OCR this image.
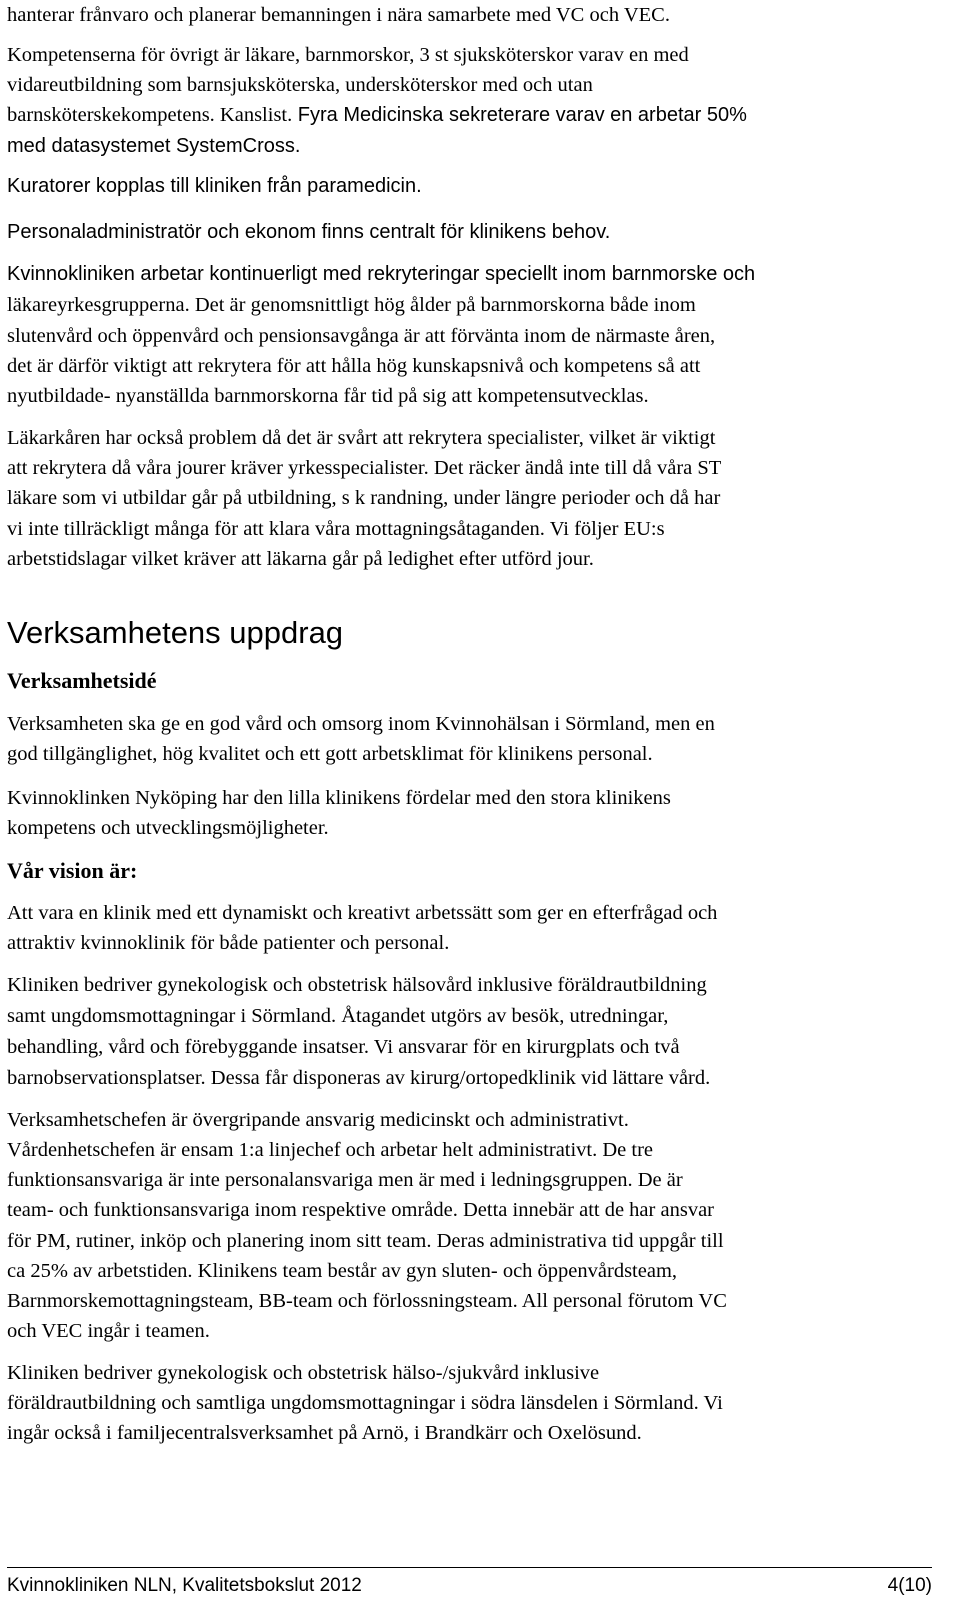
hanterar frånvaro och planerar bemanningen i nära samarbete med VC och VEC.

Kompetenserna för övrigt är läkare, barnmorskor, 3 st sjuksköterskor varav en med

vidareutbildning som barnsjuksköterska, undersköterskor med och utan

barnsköterskekompetens. Kanslist. Fyra Medicinska sekreterare varav en arbetar 50%

med datasystemet SystemCross.

Kuratorer kopplas till kliniken från paramedicin.

Personaladministratör och ekonom finns centralt för klinikens behov.

Kvinnokliniken arbetar kontinuerligt med rekryteringar speciellt inom barnmorske och

läkareyrkesgrupperna. Det är genomsnittligt hög ålder på barnmorskorna både inom

slutenvård och öppenvård och pensionsavgånga är att förvänta inom de närmaste åren,

det är därför viktigt att rekrytera för att hålla hög kunskapsnivå och kompetens så att

nyutbildade- nyanställda barnmorskorna får tid på sig att kompetensutvecklas.

Läkarkåren har också problem då det är svårt att rekrytera specialister, vilket är viktigt

att rekrytera då våra jourer kräver yrkesspecialister. Det räcker ändå inte till då våra ST

läkare som vi utbildar går på utbildning, s k randning, under längre perioder och då har

vi inte tillräckligt många för att klara våra mottagningsåtaganden. Vi följer EU:s

arbetstidslagar vilket kräver att läkarna går på ledighet efter utförd jour.

Verksamhetens uppdrag

Verksamhetsidé

Verksamheten ska ge en god vård och omsorg inom Kvinnohälsan i Sörmland, men en

god tillgänglighet, hög kvalitet och ett gott arbetsklimat för klinikens personal.

Kvinnoklinken Nyköping har den lilla klinikens fördelar med den stora klinikens

kompetens och utvecklingsmöjligheter.

Vår vision är:

Att vara en klinik med ett dynamiskt och kreativt arbetssätt som ger en efterfrågad och

attraktiv kvinnoklinik för både patienter och personal.

Kliniken bedriver gynekologisk och obstetrisk hälsovård inklusive föräldrautbildning

samt ungdomsmottagningar i Sörmland. Åtagandet utgörs av besök, utredningar,

behandling, vård och förebyggande insatser. Vi ansvarar för en kirurgplats och två

barnobservationsplatser. Dessa får disponeras av kirurg/ortopedklinik vid lättare vård.

Verksamhetschefen är övergripande ansvarig medicinskt och administrativt.

Vårdenhetschefen är ensam 1:a linjechef och arbetar helt administrativt. De tre

funktionsansvariga är inte personalansvariga men är med i ledningsgruppen. De är

team- och funktionsansvariga inom respektive område. Detta innebär att de har ansvar

för PM, rutiner, inköp och planering inom sitt team. Deras administrativa tid uppgår till

ca 25% av arbetstiden. Klinikens team består av gyn sluten- och öppenvårdsteam,

Barnmorskemottagningsteam, BB-team och förlossningsteam. All personal förutom VC

och VEC ingår i teamen.

Kliniken bedriver gynekologisk och obstetrisk hälso-/sjukvård inklusive

föräldrautbildning och samtliga ungdomsmottagningar i södra länsdelen i Sörmland. Vi

ingår också i familjecentralsverksamhet på Arnö, i Brandkärr och Oxelösund.

Kvinnokliniken NLN, Kvalitetsbokslut 2012	4(10)
